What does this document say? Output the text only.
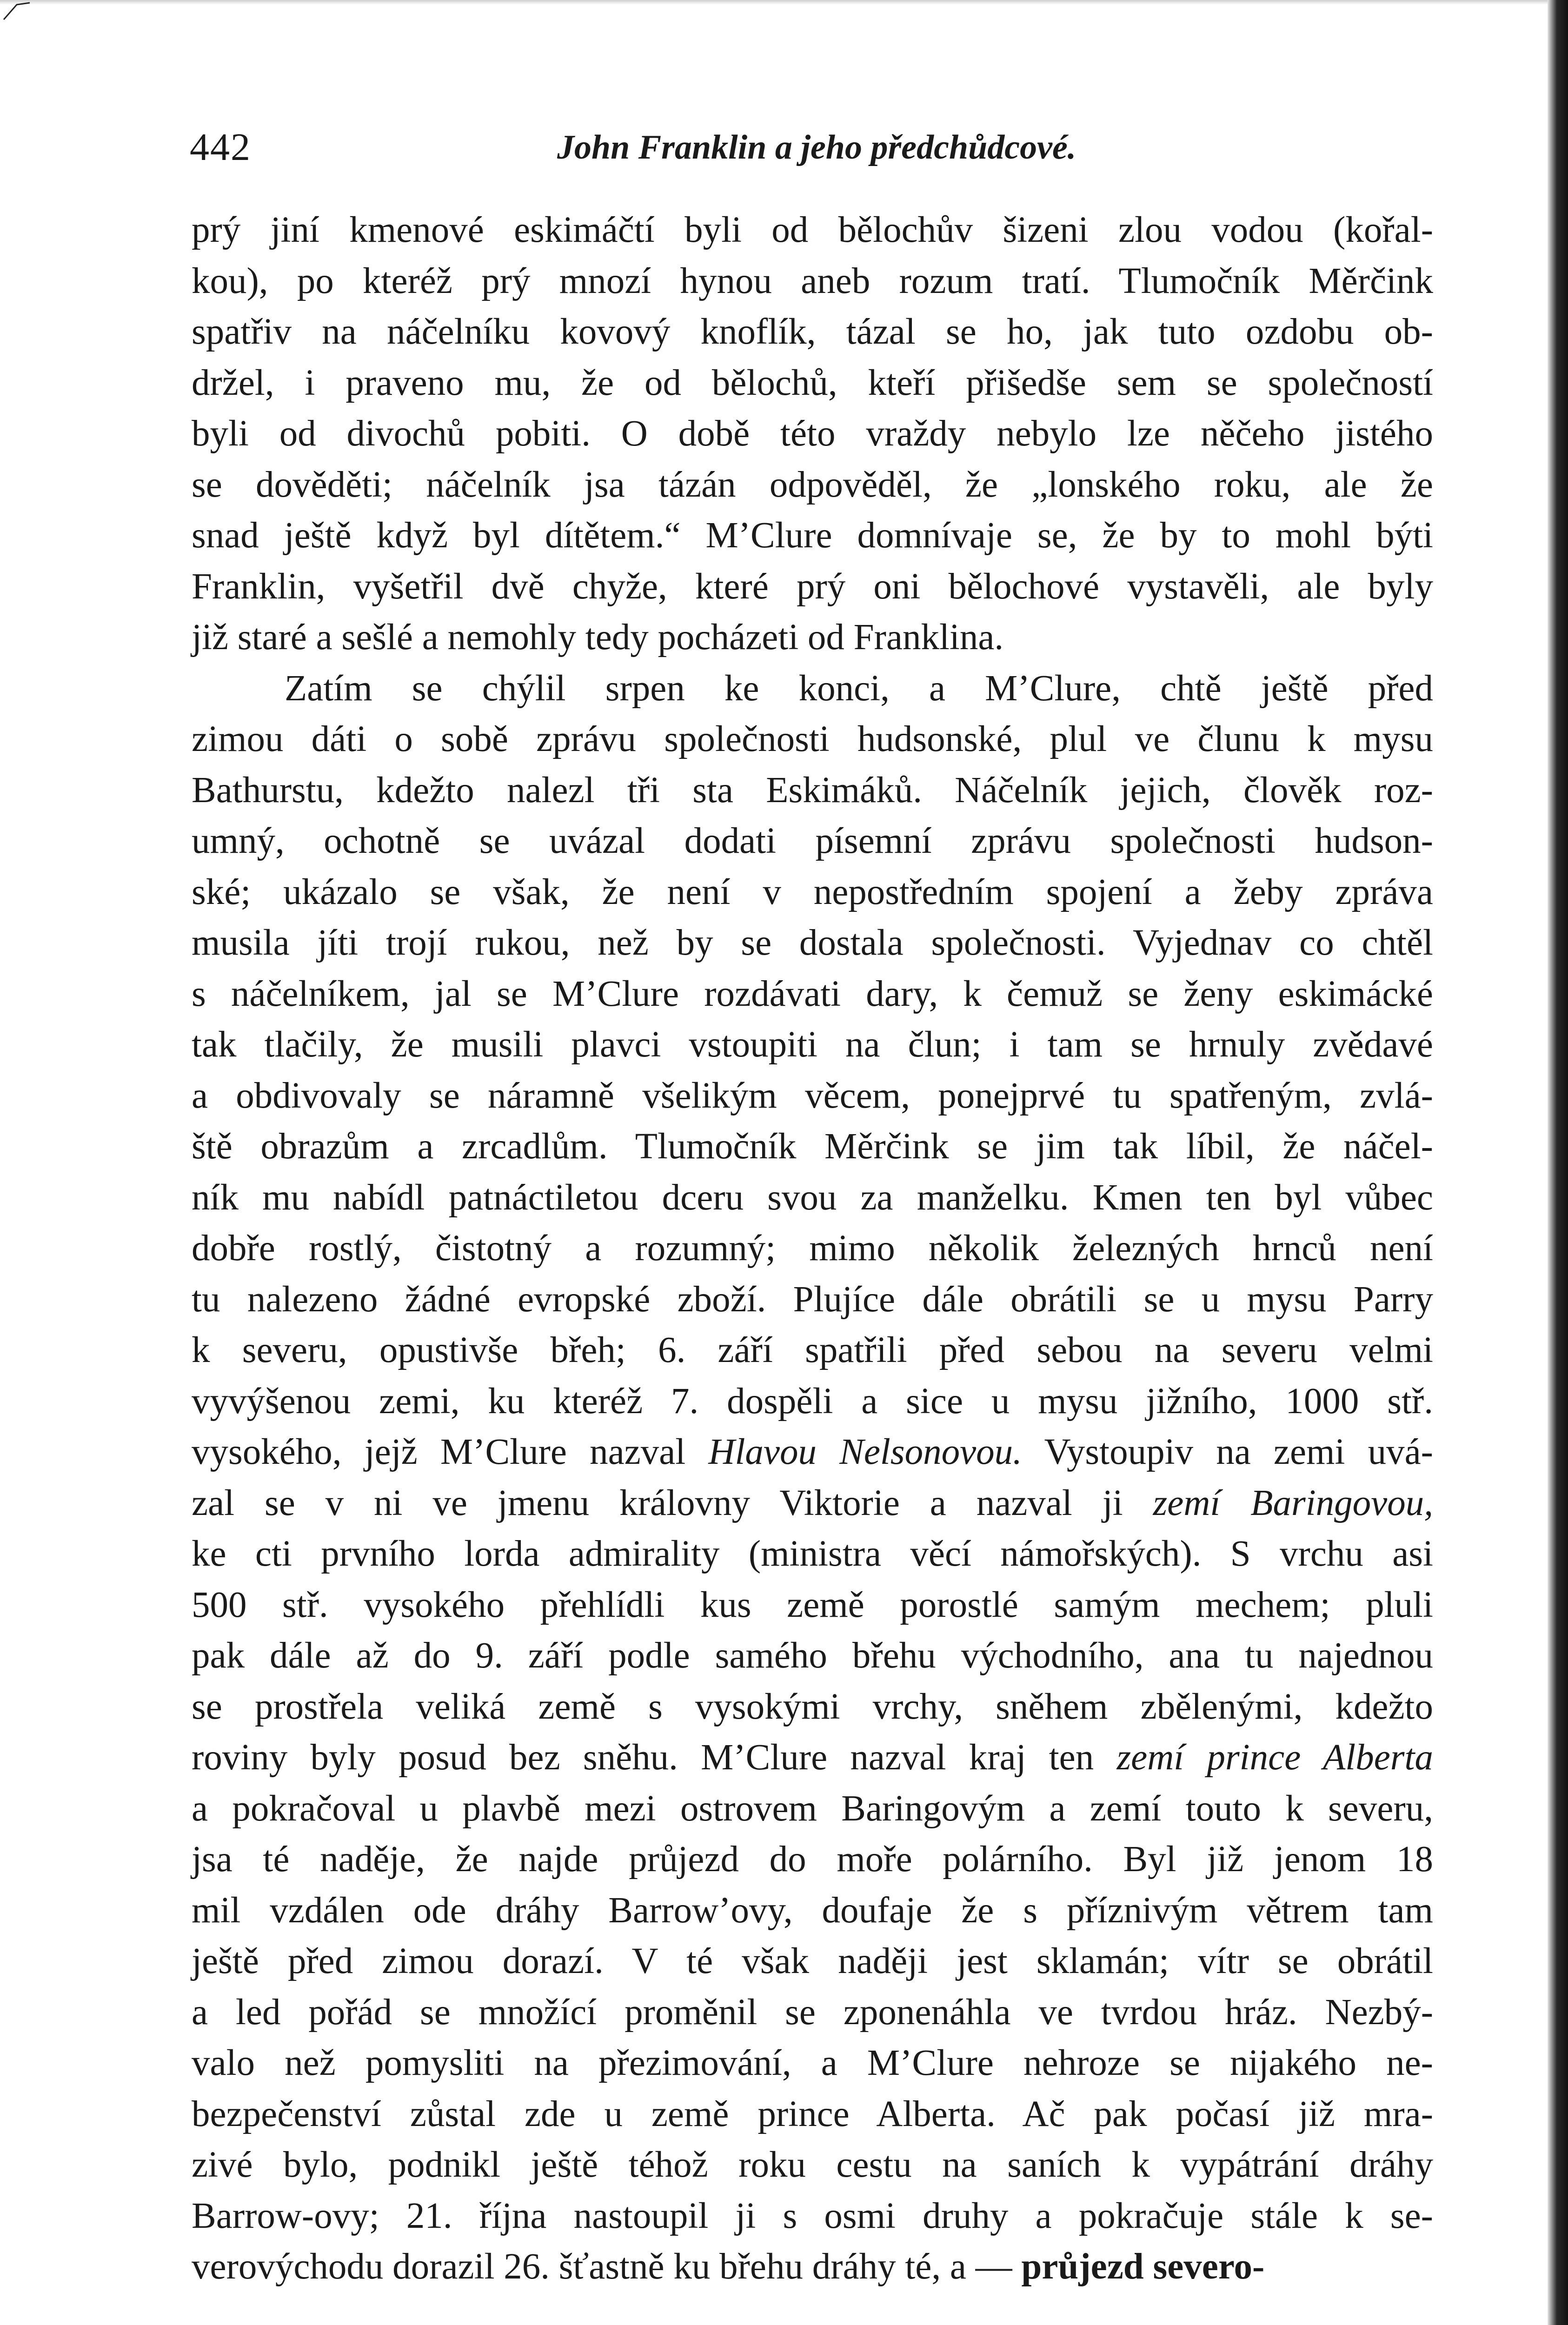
442	John Franklin a jeho předchůdcové.
prý jiní kmenové eskimáčtí byli od bělochův šizeni zlou vodou (kořal-
kou), po kteréž prý mnozí hynou aneb rozum tratí. Tlumočník Měrčink
spatřiv na náčelníku kovový knoflík, tázal se ho, jak tuto ozdobu ob-
držel, i praveno mu, že od bělochů, kteří přišedše sem se společností
byli od divochů pobiti. O době této vraždy nebylo lze něčeho jistého
se dověděti; náčelník jsa tázán odpověděl, že „lonského roku, ale že
snad ještě když byl dítětem.“ M’Clure domnívaje se, že by to mohl býti
Franklin, vyšetřil dvě chyže, které prý oni bělochové vystavěli, ale byly
již staré a sešlé a nemohly tedy pocházeti od Franklina.
Zatím se chýlil srpen ke konci, a M’Clure, chtě ještě před
zimou dáti o sobě zprávu společnosti hudsonské, plul ve člunu k mysu
Bathurstu, kdežto nalezl tři sta Eskimáků. Náčelník jejich, člověk roz-
umný, ochotně se uvázal dodati písemní zprávu společnosti hudson-
ské; ukázalo se však, že není v nepostředním spojení a žeby zpráva
musila jíti trojí rukou, než by se dostala společnosti. Vyjednav co chtěl
s náčelníkem, jal se M’Clure rozdávati dary, k čemuž se ženy eskimácké
tak tlačily, že musili plavci vstoupiti na člun; i tam se hrnuly zvědavé
a obdivovaly se náramně všelikým věcem, ponejprvé tu spatřeným, zvlá-
ště obrazům a zrcadlům. Tlumočník Měrčink se jim tak líbil, že náčel-
ník mu nabídl patnáctiletou dceru svou za manželku. Kmen ten byl vůbec
dobře rostlý, čistotný a rozumný; mimo několik železných hrnců není
tu nalezeno žádné evropské zboží. Plujíce dále obrátili se u mysu Parry
k severu, opustivše břeh; 6. září spatřili před sebou na severu velmi
vyvýšenou zemi, ku kteréž 7. dospěli a sice u mysu jižního, 1000 stř.
vysokého, jejž M’Clure nazval Hlavou Nelsonovou. Vystoupiv na zemi uvá-
zal se v ni ve jmenu královny Viktorie a nazval ji zemí Baringovou,
ke cti prvního lorda admirality (ministra věcí námořských). S vrchu asi
500 stř. vysokého přehlídli kus země porostlé samým mechem; pluli
pak dále až do 9. září podle samého břehu východního, ana tu najednou
se prostřela veliká země s vysokými vrchy, sněhem zbělenými, kdežto
roviny byly posud bez sněhu. M’Clure nazval kraj ten zemí prince Alberta
a pokračoval u plavbě mezi ostrovem Baringovým a zemí touto k severu,
jsa té naděje, že najde průjezd do moře polárního. Byl již jenom 18
mil vzdálen ode dráhy Barrow’ovy, doufaje že s příznivým větrem tam
ještě před zimou dorazí. V té však naději jest sklamán; vítr se obrátil
a led pořád se množící proměnil se zponenáhla ve tvrdou hráz. Nezbý-
valo než pomysliti na přezimování, a M’Clure nehroze se nijakého ne-
bezpečenství zůstal zde u země prince Alberta. Ač pak počasí již mra-
zivé bylo, podnikl ještě téhož roku cestu na saních k vypátrání dráhy
Barrow-ovy; 21. října nastoupil ji s osmi druhy a pokračuje stále k se-
verovýchodu dorazil 26. šťastně ku břehu dráhy té, a — průjezd severo-
